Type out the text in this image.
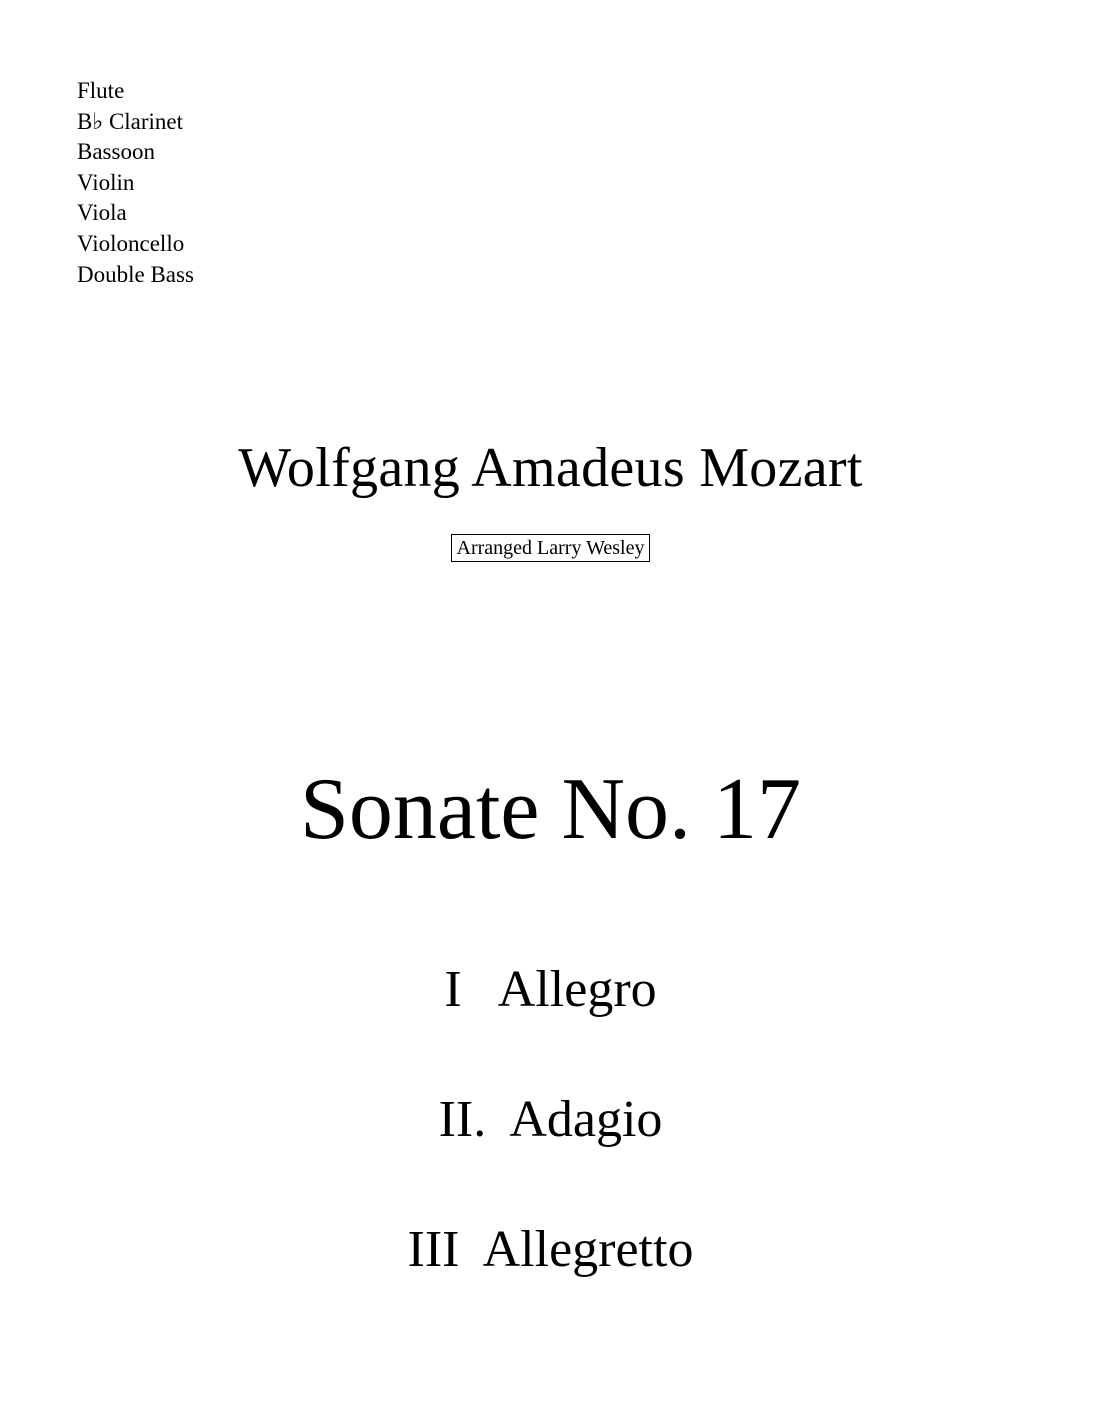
Flute
B♭ Clarinet
Bassoon
Violin
Viola
Violoncello
Double Bass
Wolfgang Amadeus Mozart
Arranged Larry Wesley
Sonate No. 17
I   Allegro
II.  Adagio
III  Allegretto
